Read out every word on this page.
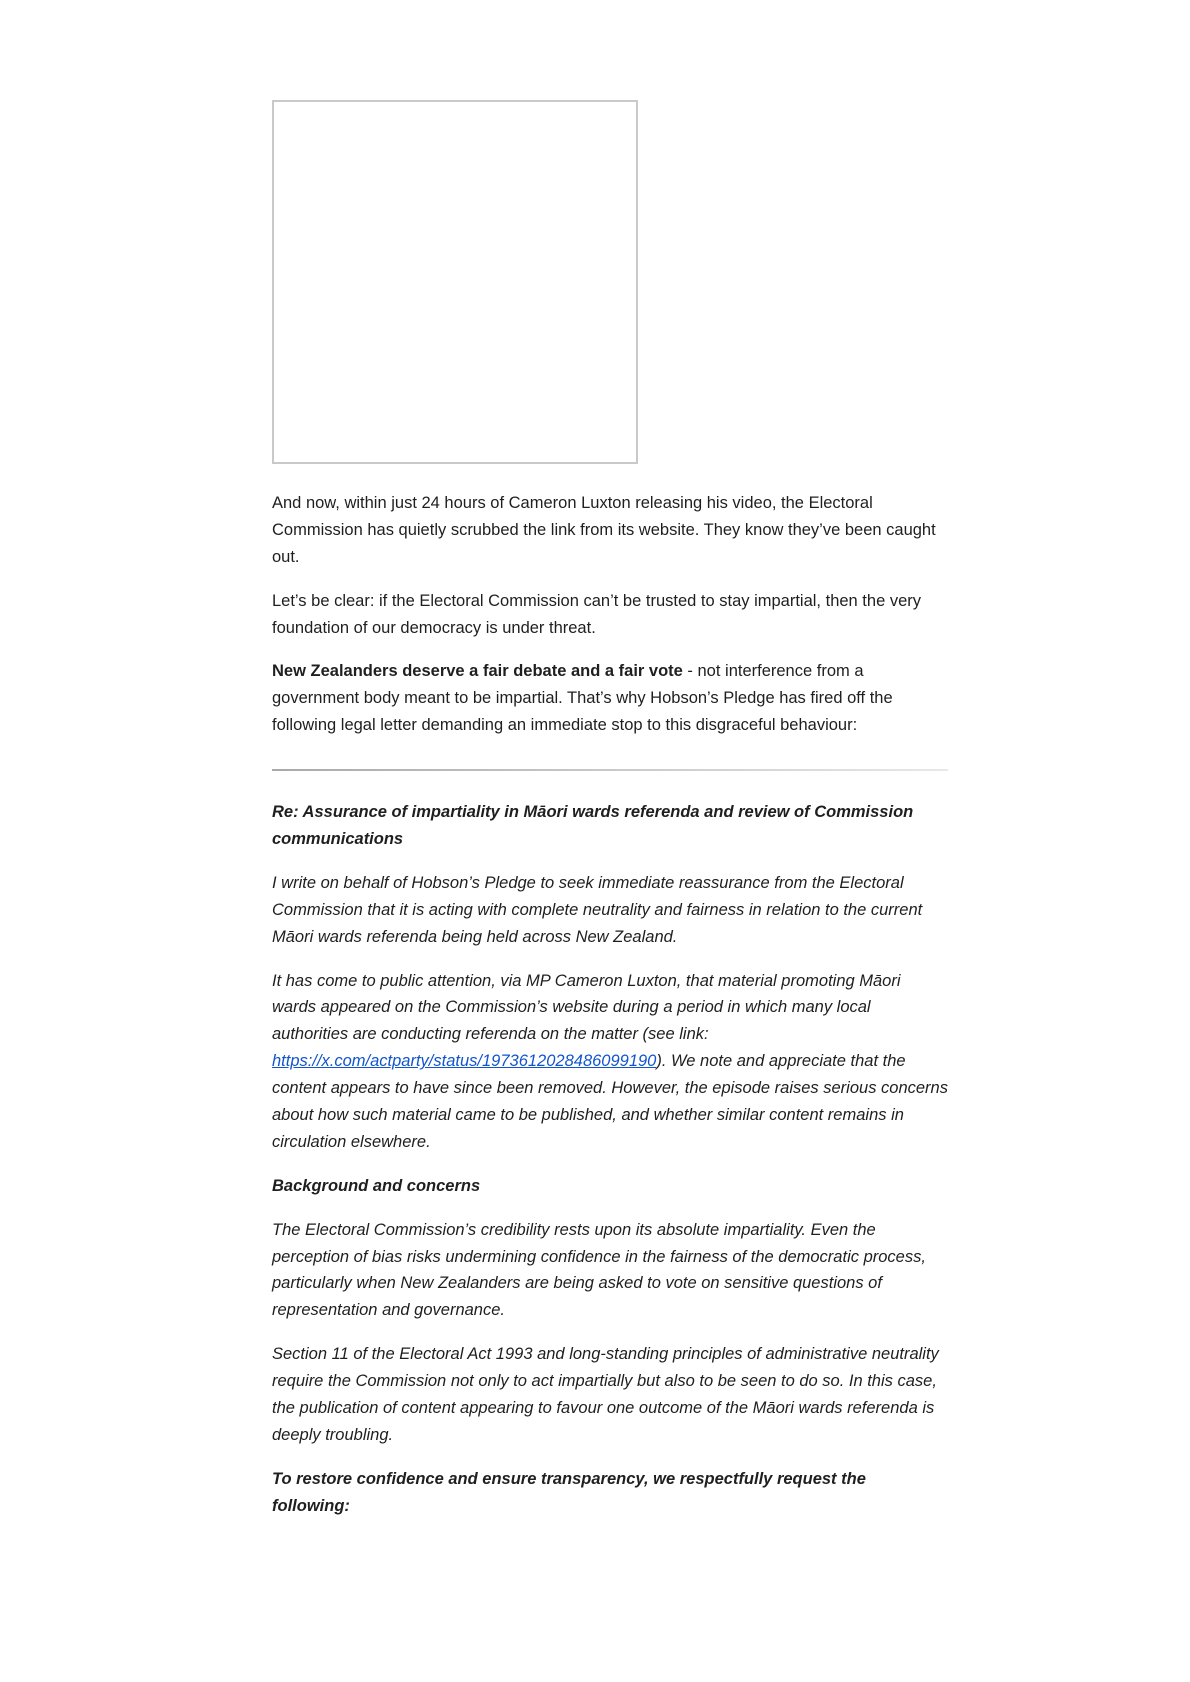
And now, within just 24 hours of Cameron Luxton releasing his video, the Electoral Commission has quietly scrubbed the link from its website. They know they’ve been caught out.

Let’s be clear: if the Electoral Commission can’t be trusted to stay impartial, then the very foundation of our democracy is under threat.

New Zealanders deserve a fair debate and a fair vote - not interference from a government body meant to be impartial. That’s why Hobson’s Pledge has fired off the following legal letter demanding an immediate stop to this disgraceful behaviour:

Re: Assurance of impartiality in Māori wards referenda and review of Commission communications

I write on behalf of Hobson’s Pledge to seek immediate reassurance from the Electoral Commission that it is acting with complete neutrality and fairness in relation to the current Māori wards referenda being held across New Zealand.

It has come to public attention, via MP Cameron Luxton, that material promoting Māori wards appeared on the Commission’s website during a period in which many local authorities are conducting referenda on the matter (see link: https://x.com/actparty/status/1973612028486099190). We note and appreciate that the content appears to have since been removed. However, the episode raises serious concerns about how such material came to be published, and whether similar content remains in circulation elsewhere.

Background and concerns

The Electoral Commission’s credibility rests upon its absolute impartiality. Even the perception of bias risks undermining confidence in the fairness of the democratic process, particularly when New Zealanders are being asked to vote on sensitive questions of representation and governance.

Section 11 of the Electoral Act 1993 and long-standing principles of administrative neutrality require the Commission not only to act impartially but also to be seen to do so. In this case, the publication of content appearing to favour one outcome of the Māori wards referenda is deeply troubling.

To restore confidence and ensure transparency, we respectfully request the following:
